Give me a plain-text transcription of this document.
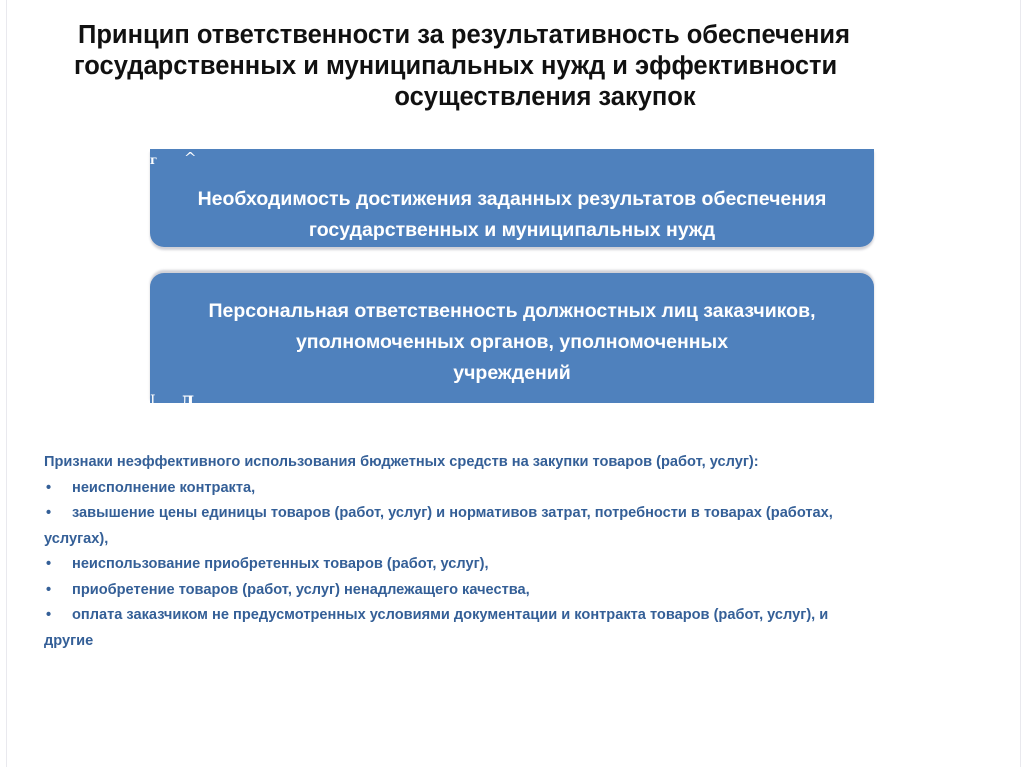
Принцип ответственности за результативность обеспечения
государственных и муниципальных нужд и эффективности
осуществления закупок
г ^
Необходимость достижения заданных результатов обеспечения
государственных и муниципальных нужд
Персональная ответственность должностных лиц заказчиков,
уполномоченных органов, уполномоченных
учреждений
I Л
Признаки неэффективного использования бюджетных средств на закупки товаров (работ, услуг):
• неисполнение контракта,
• завышение цены единицы товаров (работ, услуг) и нормативов затрат, потребности в товарах (работах,
услугах),
• неиспользование приобретенных товаров (работ, услуг),
• приобретение товаров (работ, услуг) ненадлежащего качества,
• оплата заказчиком не предусмотренных условиями документации и контракта товаров (работ, услуг), и
другие
